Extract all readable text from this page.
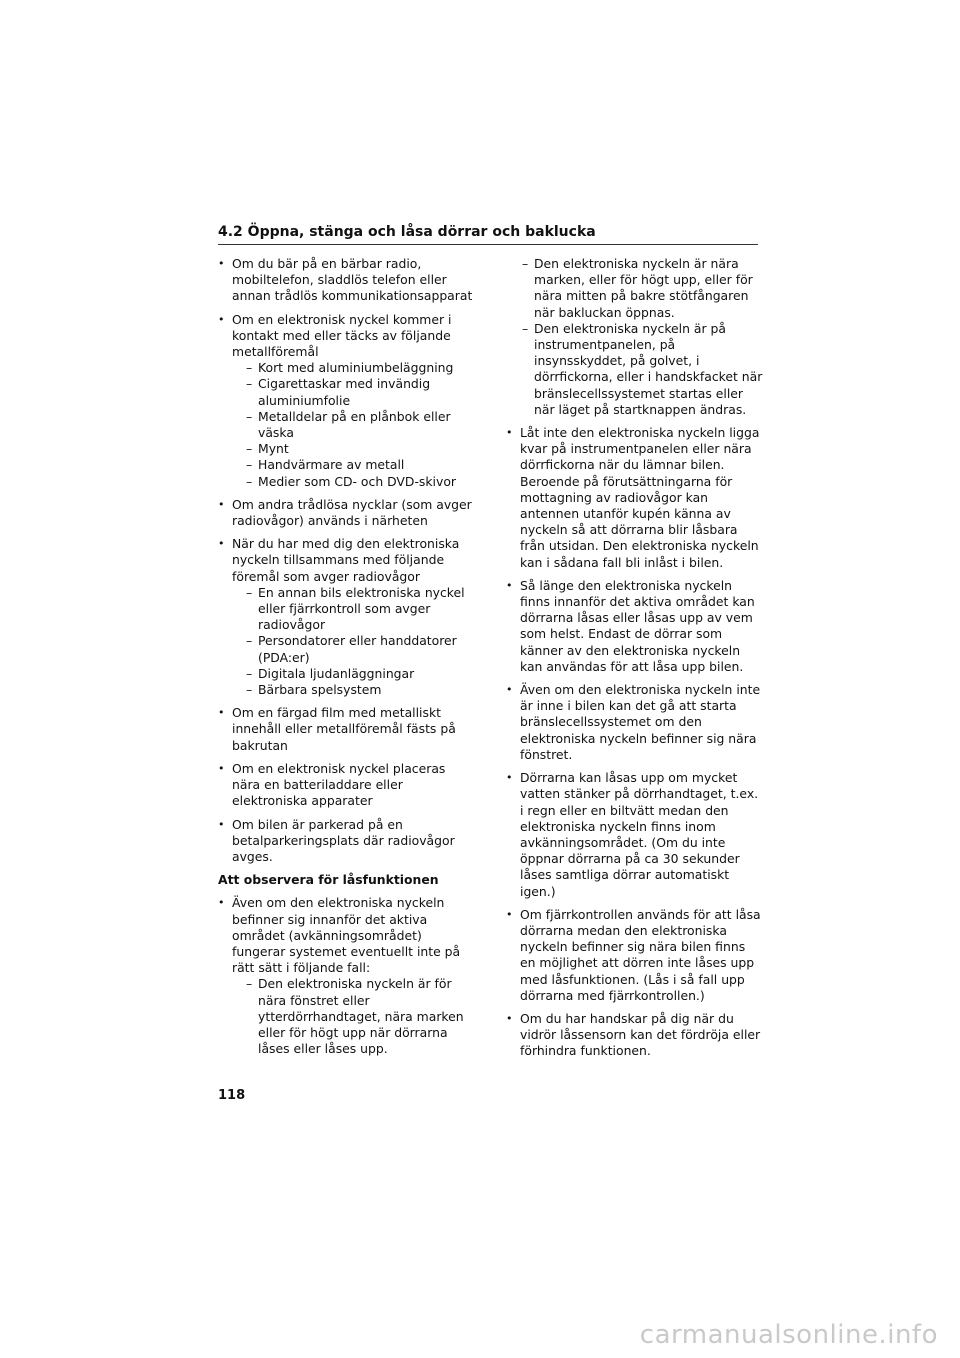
4.2 Öppna, stänga och låsa dörrar och baklucka
• Om du bär på en bärbar radio, mobiltelefon, sladdlös telefon eller annan trådlös kommunikationsapparat
• Om en elektronisk nyckel kommer i kontakt med eller täcks av följande metallföremål
– Kort med aluminiumbeläggning
– Cigarettaskar med invändig aluminiumfolie
– Metalldelar på en plånbok eller väska
– Mynt
– Handvärmare av metall
– Medier som CD- och DVD-skivor
• Om andra trådlösa nycklar (som avger radiovågor) används i närheten
• När du har med dig den elektroniska nyckeln tillsammans med följande föremål som avger radiovågor
– En annan bils elektroniska nyckel eller fjärrkontroll som avger radiovågor
– Persondatorer eller handdatorer (PDA:er)
– Digitala ljudanläggningar
– Bärbara spelsystem
• Om en färgad film med metalliskt innehåll eller metallföremål fästs på bakrutan
• Om en elektronisk nyckel placeras nära en batteriladdare eller elektroniska apparater
• Om bilen är parkerad på en betalparkeringsplats där radiovågor avges.
Att observera för låsfunktionen
• Även om den elektroniska nyckeln befinner sig innanför det aktiva området (avkänningsområdet) fungerar systemet eventuellt inte på rätt sätt i följande fall:
– Den elektroniska nyckeln är för nära fönstret eller ytterdörrhandtaget, nära marken eller för högt upp när dörrarna låses eller låses upp.
– Den elektroniska nyckeln är nära marken, eller för högt upp, eller för nära mitten på bakre stötfångaren när bakluckan öppnas.
– Den elektroniska nyckeln är på instrumentpanelen, på insynsskyddet, på golvet, i dörrfickorna, eller i handskfacket när bränslecellssystemet startas eller när läget på startknappen ändras.
• Låt inte den elektroniska nyckeln ligga kvar på instrumentpanelen eller nära dörrfickorna när du lämnar bilen. Beroende på förutsättningarna för mottagning av radiovågor kan antennen utanför kupén känna av nyckeln så att dörrarna blir låsbara från utsidan. Den elektroniska nyckeln kan i sådana fall bli inlåst i bilen.
• Så länge den elektroniska nyckeln finns innanför det aktiva området kan dörrarna låsas eller låsas upp av vem som helst. Endast de dörrar som känner av den elektroniska nyckeln kan användas för att låsa upp bilen.
• Även om den elektroniska nyckeln inte är inne i bilen kan det gå att starta bränslecellssystemet om den elektroniska nyckeln befinner sig nära fönstret.
• Dörrarna kan låsas upp om mycket vatten stänker på dörrhandtaget, t.ex. i regn eller en biltvätt medan den elektroniska nyckeln finns inom avkänningsområdet. (Om du inte öppnar dörrarna på ca 30 sekunder låses samtliga dörrar automatiskt igen.)
• Om fjärrkontrollen används för att låsa dörrarna medan den elektroniska nyckeln befinner sig nära bilen finns en möjlighet att dörren inte låses upp med låsfunktionen. (Lås i så fall upp dörrarna med fjärrkontrollen.)
• Om du har handskar på dig när du vidrör låssensorn kan det fördröja eller förhindra funktionen.
118
carmanualsonline.info
